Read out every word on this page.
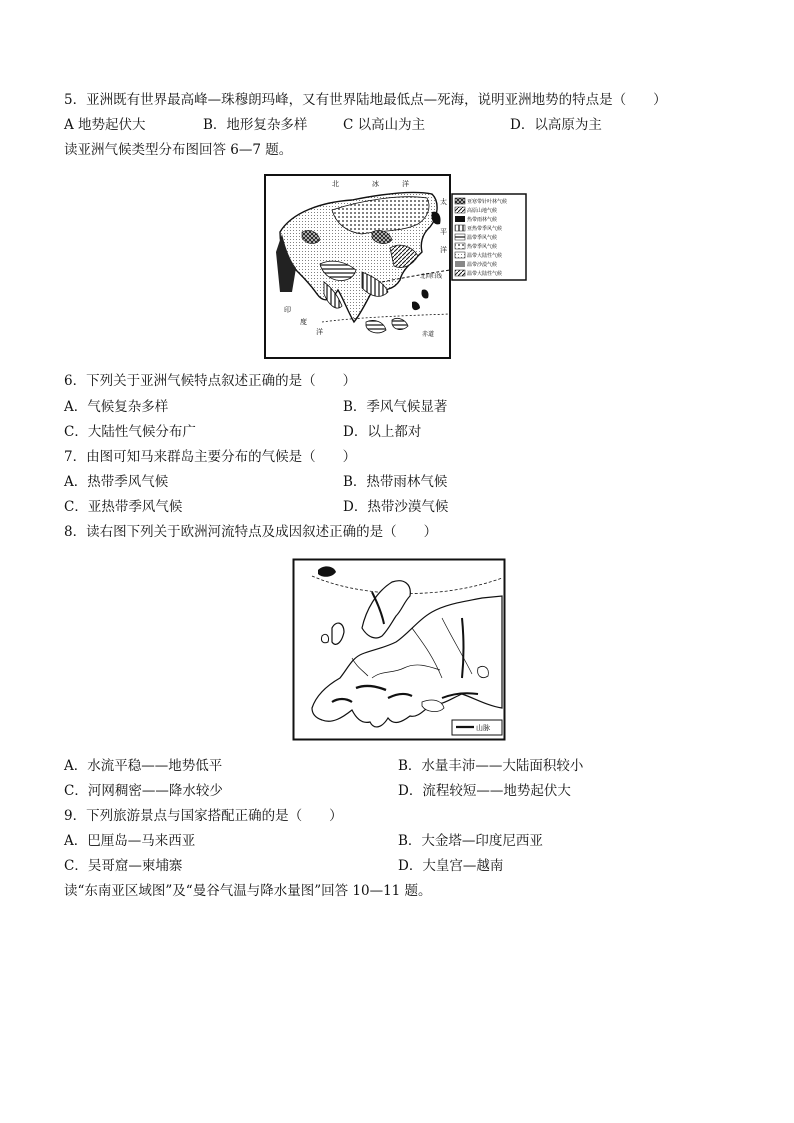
5．亚洲既有世界最高峰—珠穆朗玛峰，又有世界陆地最低点—死海，说明亚洲地势的特点是（　　）
A 地势起伏大	B．地形复杂多样	C 以高山为主	D．以高原为主
读亚洲气候类型分布图回答 6—7 题。
北	冰	洋
太
平
洋
北回归线
印
度
洋	赤道
亚寒带针叶林气候
高原山地气候
热带雨林气候
亚热带季风气候
温带季风气候
热带季风气候
温带大陆性气候
温带沙漠气候
温带大陆性气候
6．下列关于亚洲气候特点叙述正确的是（　　）
A．气候复杂多样	B．季风气候显著
C．大陆性气候分布广	D．以上都对
7．由图可知马来群岛主要分布的气候是（　　）
A．热带季风气候	B．热带雨林气候
C．亚热带季风气候	D．热带沙漠气候
8．读右图下列关于欧洲河流特点及成因叙述正确的是（　　）
山脉
A．水流平稳——地势低平	B．水量丰沛——大陆面积较小
C．河网稠密——降水较少	D．流程较短——地势起伏大
9．下列旅游景点与国家搭配正确的是（　　）
A．巴厘岛—马来西亚	B．大金塔—印度尼西亚
C．吴哥窟—柬埔寨	D．大皇宫—越南
读“东南亚区域图”及“曼谷气温与降水量图”回答 10—11 题。
